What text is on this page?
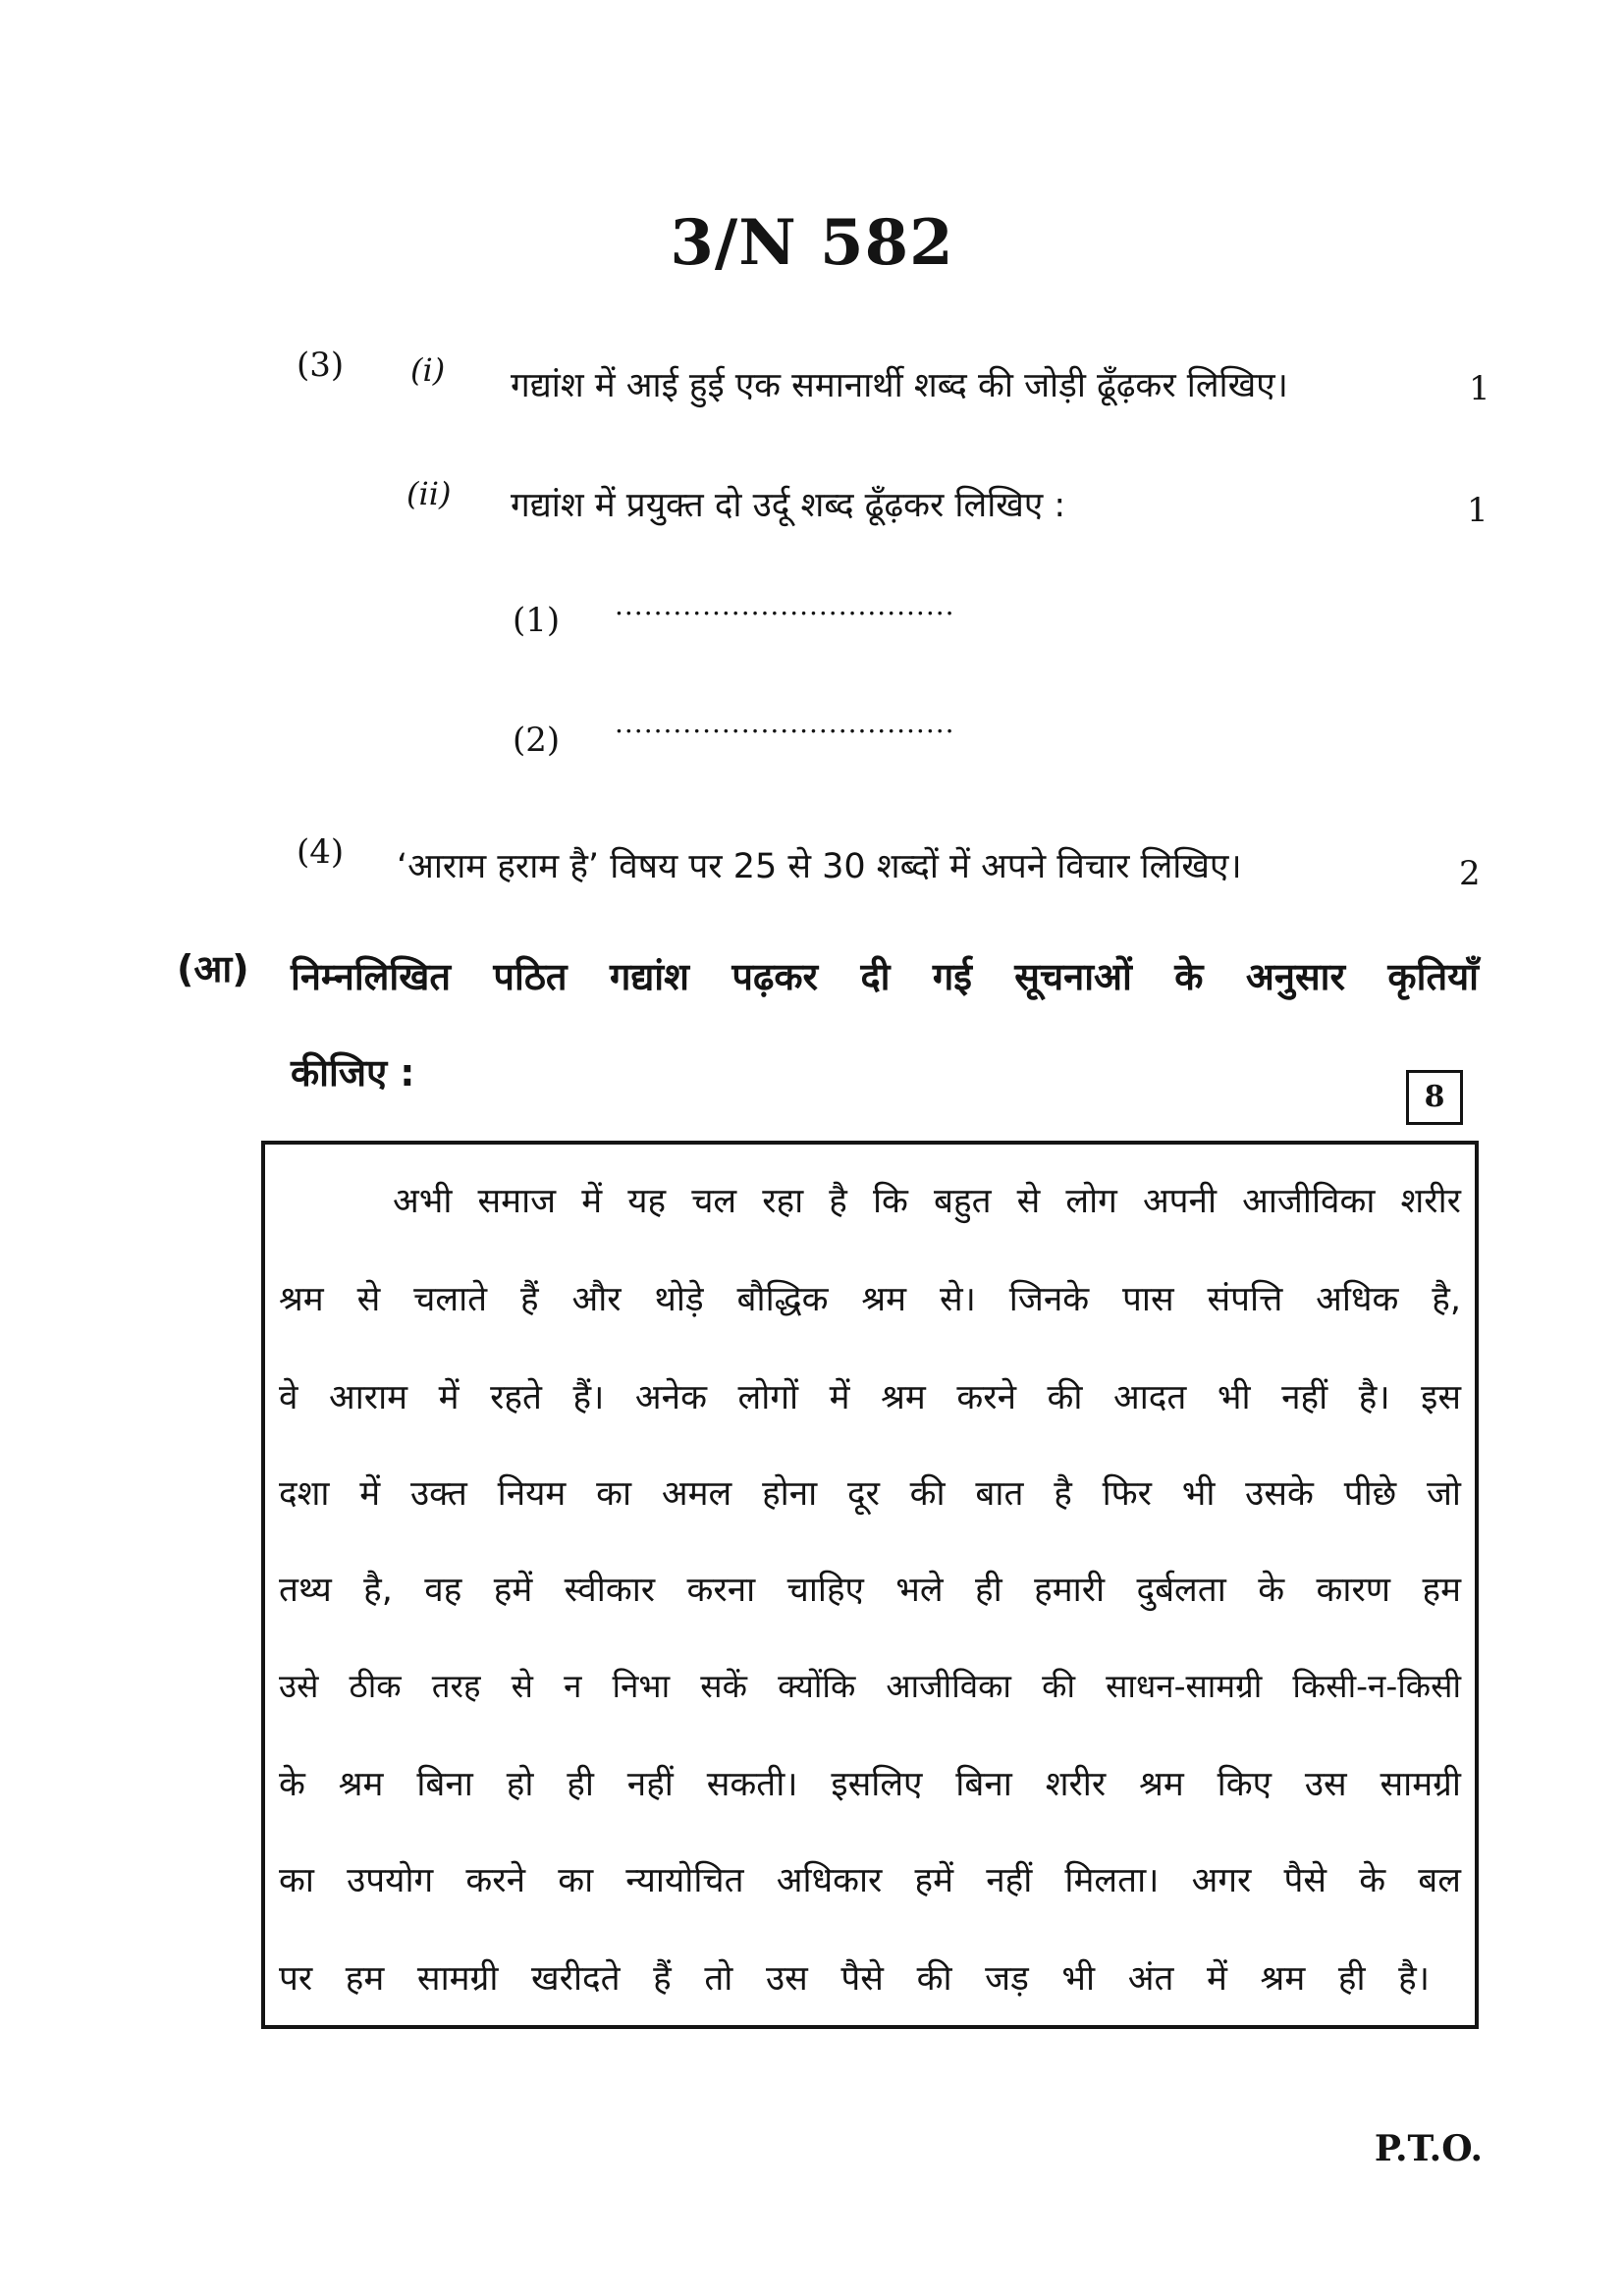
3/N 582
(3) (i) गद्यांश में आई हुई एक समानार्थी शब्द की जोड़ी ढूँढ़कर लिखिए।	1
(ii) गद्यांश में प्रयुक्त दो उर्दू शब्द ढूँढ़कर लिखिए :	1
(1) ...................................
(2) ...................................
(4) ‘आराम हराम है’ विषय पर 25 से 30 शब्दों में अपने विचार लिखिए।	2
(आ) निम्नलिखित पठित गद्यांश पढ़कर दी गई सूचनाओं के अनुसार कृतियाँ
कीजिए :
8
अभी समाज में यह चल रहा है कि बहुत से लोग अपनी आजीविका शरीर
श्रम से चलाते हैं और थोड़े बौद्धिक श्रम से। जिनके पास संपत्ति अधिक है,
वे आराम में रहते हैं। अनेक लोगों में श्रम करने की आदत भी नहीं है। इस
दशा में उक्त नियम का अमल होना दूर की बात है फिर भी उसके पीछे जो
तथ्य है, वह हमें स्वीकार करना चाहिए भले ही हमारी दुर्बलता के कारण हम
उसे ठीक तरह से न निभा सकें क्योंकि आजीविका की साधन-सामग्री किसी-न-किसी
के श्रम बिना हो ही नहीं सकती। इसलिए बिना शरीर श्रम किए उस सामग्री
का उपयोग करने का न्यायोचित अधिकार हमें नहीं मिलता। अगर पैसे के बल
पर हम सामग्री खरीदते हैं तो उस पैसे की जड़ भी अंत में श्रम ही है।
P.T.O.
